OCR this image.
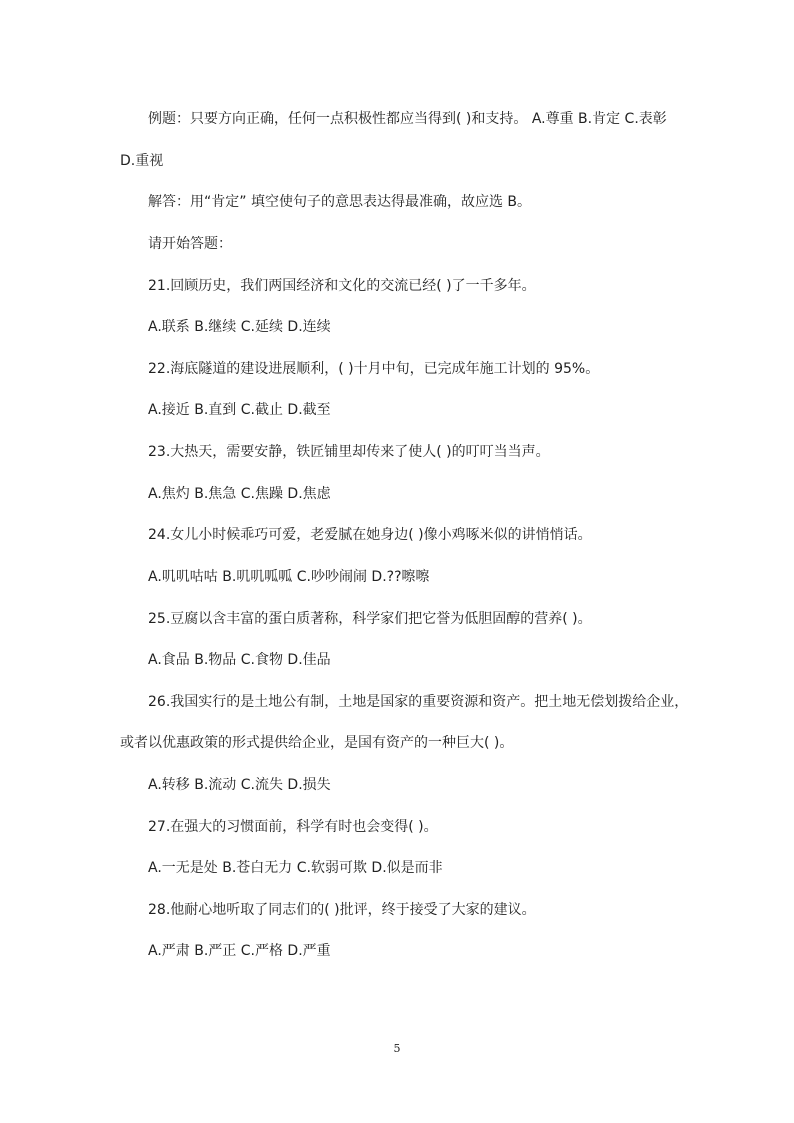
例题：只要方向正确，任何一点积极性都应当得到( )和支持。 A.尊重 B.肯定 C.表彰
D.重视
解答：用“肯定” 填空使句子的意思表达得最准确，故应选 B。
请开始答题：
21.回顾历史，我们两国经济和文化的交流已经( )了一千多年。
A.联系 B.继续 C.延续 D.连续
22.海底隧道的建设进展顺利，( )十月中旬，已完成年施工计划的 95%。
A.接近 B.直到 C.截止 D.截至
23.大热天，需要安静，铁匠铺里却传来了使人( )的叮叮当当声。
A.焦灼 B.焦急 C.焦躁 D.焦虑
24.女儿小时候乖巧可爱，老爱腻在她身边( )像小鸡啄米似的讲悄悄话。
A.叽叽咕咕 B.叽叽呱呱 C.吵吵闹闹 D.??嚓嚓
25.豆腐以含丰富的蛋白质著称，科学家们把它誉为低胆固醇的营养( )。
A.食品 B.物品 C.食物 D.佳品
26.我国实行的是土地公有制，土地是国家的重要资源和资产。把土地无偿划拨给企业，
或者以优惠政策的形式提供给企业，是国有资产的一种巨大( )。
A.转移 B.流动 C.流失 D.损失
27.在强大的习惯面前，科学有时也会变得( )。
A.一无是处 B.苍白无力 C.软弱可欺 D.似是而非
28.他耐心地听取了同志们的( )批评，终于接受了大家的建议。
A.严肃 B.严正 C.严格 D.严重
5
